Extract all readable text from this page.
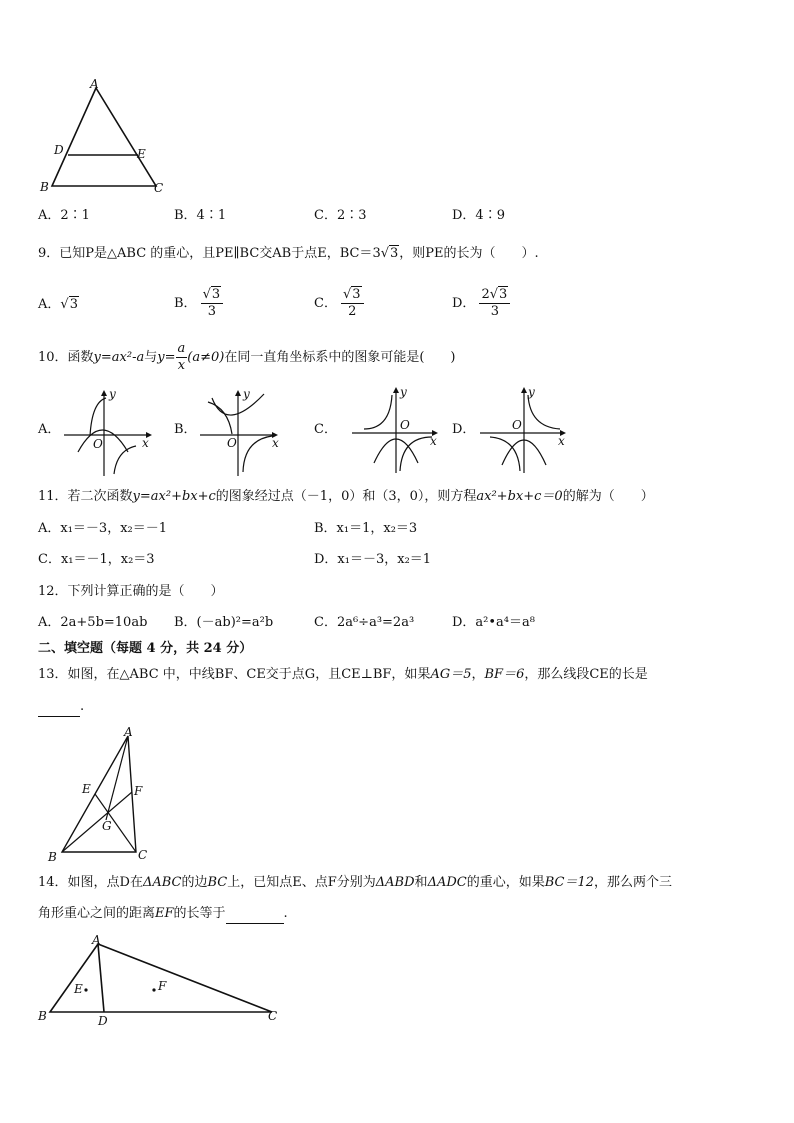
A
D	E
B	C
A．2∶1	B．4∶1	C．2∶3	D．4∶9
9．已知P是△ABC 的重心，且PE∥BC交AB于点E，BC＝3√3，则PE的长为（　　）.
A．√3	B． $\frac{√3}{3}$	C． $\frac{√3}{2}$	D． $\frac{2√3}{3}$
10．函数y=ax²-a与$y= \frac{a}{x} (a\ne 0)$在同一直角坐标系中的图象可能是(　　)
A．	B．	C．	D．
y
x
O
y
x
O
y
x
O
y
x
O
11．若二次函数y=ax²+bx+c的图象经过点（－1，0）和（3，0），则方程ax²+bx+c＝0的解为（　　）
A．x₁＝－3，x₂＝－1	B．x₁＝1，x₂＝3
C．x₁＝－1，x₂＝3	D．x₁＝－3，x₂＝1
12．下列计算正确的是（　　）
A．2a+5b=10ab B．(－ab)²=a²b	C．2a⁶÷a³=2a³	D．a²•a⁴＝a⁸
二、填空题（每题 4 分，共 24 分）
13．如图，在△ABC 中，中线BF、CE交于点G，且CE⊥BF，如果AG＝5，BF＝6，那么线段CE的长是
.
A
E	F
G
B	C
14．如图，点D在ΔABC的边BC上，已知点E、点F分别为ΔABD和ΔADC的重心，如果BC＝12，那么两个三
角形重心之间的距离EF的长等于	.
A
E	F
B	D	C
